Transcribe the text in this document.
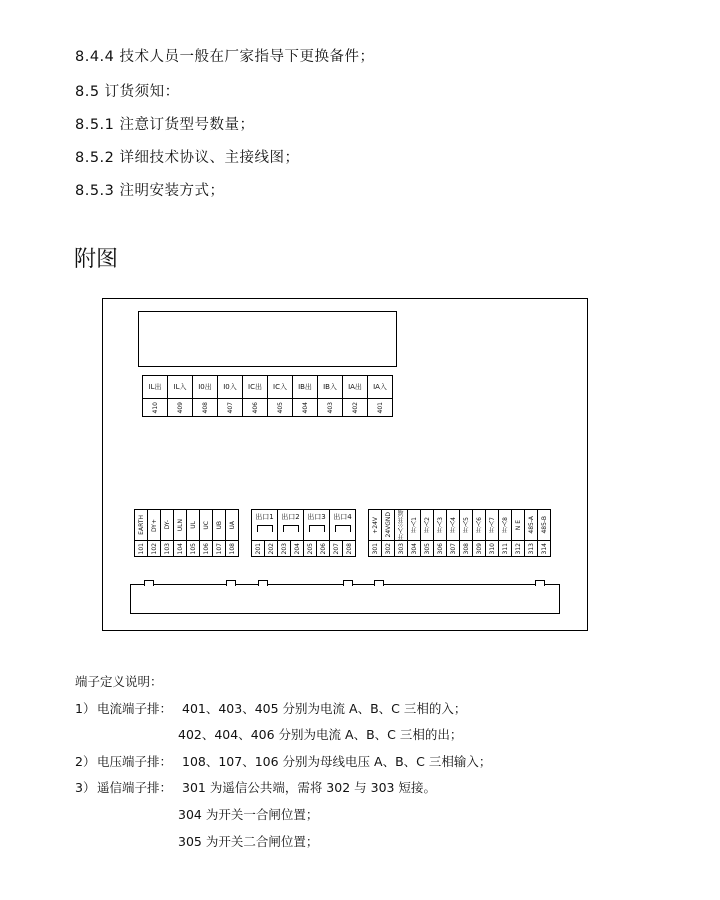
8.4.4 技术人员一般在厂家指导下更换备件；
8.5 订货须知：
8.5.1 注意订货型号数量；
8.5.2 详细技术协议、主接线图；
8.5.3 注明安装方式；
附图
IL出 IL入 I0出 I0入 IC出 IC入 IB出 IB入 IA出 IA入
410	409	408	407	406	405	404	403	402	401
EARTH DY+ DY- ULN UL UC UB UA
101 102 103 104 105 106 107 108
出口1 出口2 出口3 出口4
201 202 203 204 205 206 207 208
+24V 24VGND 开入公共端 开入1 开入2 开入3 开入4 开入5 开入6 开入7 开入8 N E 485-A 485-B
301 302 303 304 305 306 307 308 309 310 311 312 313 314
端子定义说明：
1） 电流端子排： 401、403、405 分别为电流 A、B、C 三相的入；
402、404、406 分别为电流 A、B、C 三相的出；
2） 电压端子排： 108、107、106 分别为母线电压 A、B、C 三相输入；
3） 遥信端子排： 301 为遥信公共端，需将 302 与 303 短接。
304 为开关一合闸位置；
305 为开关二合闸位置；
